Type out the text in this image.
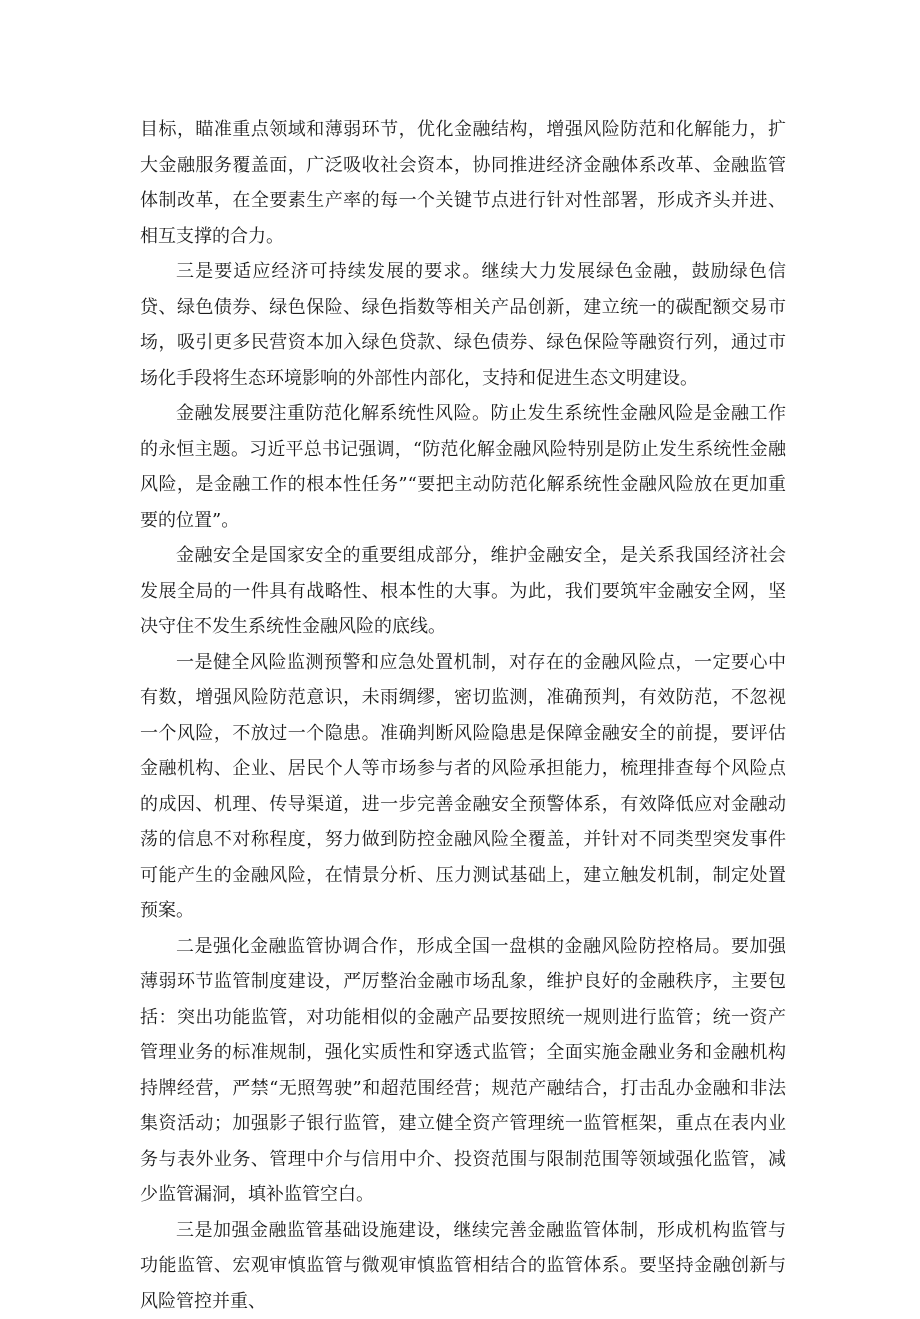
目标，瞄准重点领域和薄弱环节，优化金融结构，增强风险防范和化解能力，扩大金融服务覆盖面，广泛吸收社会资本，协同推进经济金融体系改革、金融监管体制改革，在全要素生产率的每一个关键节点进行针对性部署，形成齐头并进、相互支撑的合力。

三是要适应经济可持续发展的要求。继续大力发展绿色金融，鼓励绿色信贷、绿色债券、绿色保险、绿色指数等相关产品创新，建立统一的碳配额交易市场，吸引更多民营资本加入绿色贷款、绿色债券、绿色保险等融资行列，通过市场化手段将生态环境影响的外部性内部化，支持和促进生态文明建设。

金融发展要注重防范化解系统性风险。防止发生系统性金融风险是金融工作的永恒主题。习近平总书记强调，“防范化解金融风险特别是防止发生系统性金融风险，是金融工作的根本性任务”“要把主动防范化解系统性金融风险放在更加重要的位置”。

金融安全是国家安全的重要组成部分，维护金融安全，是关系我国经济社会发展全局的一件具有战略性、根本性的大事。为此，我们要筑牢金融安全网，坚决守住不发生系统性金融风险的底线。

一是健全风险监测预警和应急处置机制，对存在的金融风险点，一定要心中有数，增强风险防范意识，未雨绸缪，密切监测，准确预判，有效防范，不忽视一个风险，不放过一个隐患。准确判断风险隐患是保障金融安全的前提，要评估金融机构、企业、居民个人等市场参与者的风险承担能力，梳理排查每个风险点的成因、机理、传导渠道，进一步完善金融安全预警体系，有效降低应对金融动荡的信息不对称程度，努力做到防控金融风险全覆盖，并针对不同类型突发事件可能产生的金融风险，在情景分析、压力测试基础上，建立触发机制，制定处置预案。

二是强化金融监管协调合作，形成全国一盘棋的金融风险防控格局。要加强薄弱环节监管制度建设，严厉整治金融市场乱象，维护良好的金融秩序，主要包括：突出功能监管，对功能相似的金融产品要按照统一规则进行监管；统一资产管理业务的标准规制，强化实质性和穿透式监管；全面实施金融业务和金融机构持牌经营，严禁“无照驾驶”和超范围经营；规范产融结合，打击乱办金融和非法集资活动；加强影子银行监管，建立健全资产管理统一监管框架，重点在表内业务与表外业务、管理中介与信用中介、投资范围与限制范围等领域强化监管，减少监管漏洞，填补监管空白。

三是加强金融监管基础设施建设，继续完善金融监管体制，形成机构监管与功能监管、宏观审慎监管与微观审慎监管相结合的监管体系。要坚持金融创新与风险管控并重、
